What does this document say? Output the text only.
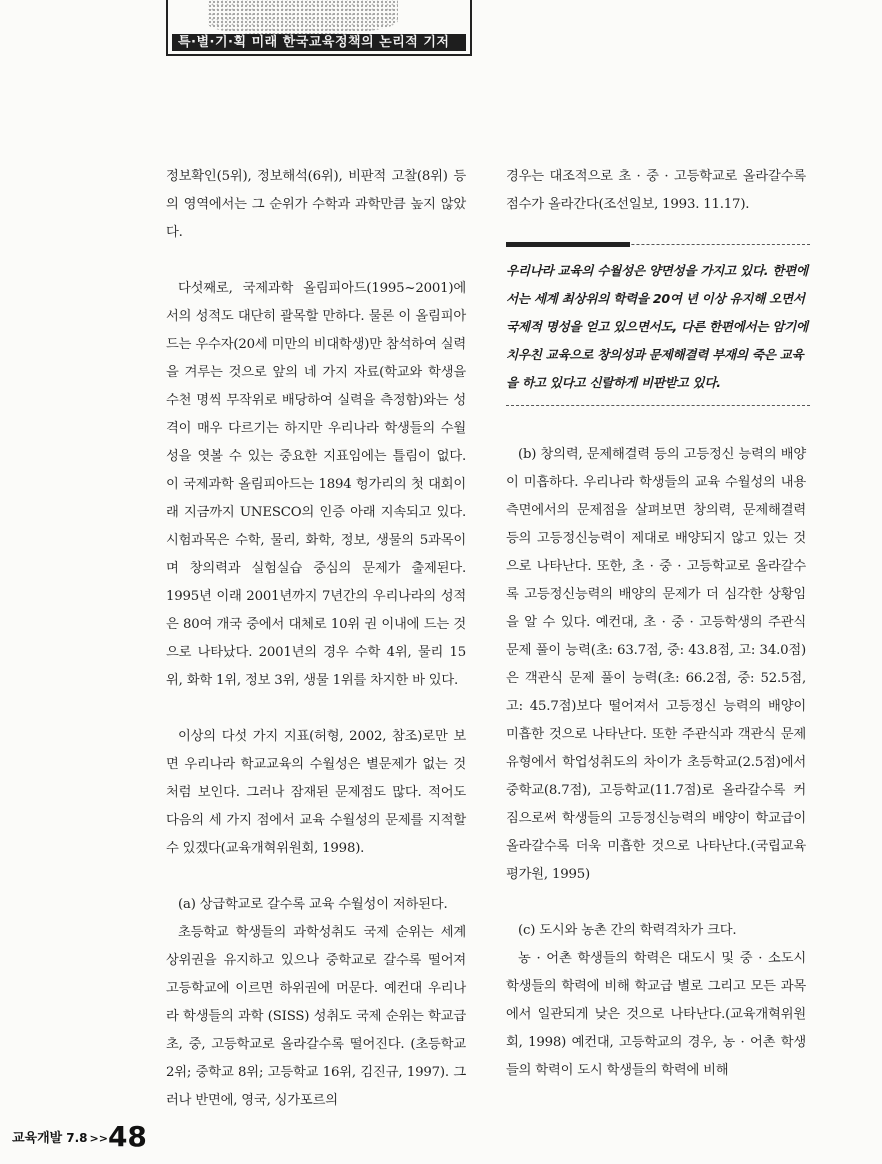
특·별·기·획 미래 한국교육정책의 논리적 기저

정보확인(5위), 정보해석(6위), 비판적 고찰(8위) 등의 영역에서는 그 순위가 수학과 과학만큼 높지 않았다.

다섯째로, 국제과학 올림피아드(1995~2001)에서의 성적도 대단히 괄목할 만하다. 물론 이 올림피아드는 우수자(20세 미만의 비대학생)만 참석하여 실력을 겨루는 것으로 앞의 네 가지 자료(학교와 학생을 수천 명씩 무작위로 배당하여 실력을 측정함)와는 성격이 매우 다르기는 하지만 우리나라 학생들의 수월성을 엿볼 수 있는 중요한 지표임에는 틀림이 없다. 이 국제과학 올림피아드는 1894 헝가리의 첫 대회이래 지금까지 UNESCO의 인증 아래 지속되고 있다. 시험과목은 수학, 물리, 화학, 정보, 생물의 5과목이며 창의력과 실험실습 중심의 문제가 출제된다. 1995년 이래 2001년까지 7년간의 우리나라의 성적은 80여 개국 중에서 대체로 10위 권 이내에 드는 것으로 나타났다. 2001년의 경우 수학 4위, 물리 15위, 화학 1위, 정보 3위, 생물 1위를 차지한 바 있다.

이상의 다섯 가지 지표(허형, 2002, 참조)로만 보면 우리나라 학교교육의 수월성은 별문제가 없는 것처럼 보인다. 그러나 잠재된 문제점도 많다. 적어도 다음의 세 가지 점에서 교육 수월성의 문제를 지적할 수 있겠다(교육개혁위원회, 1998).

(a) 상급학교로 갈수록 교육 수월성이 저하된다.

초등학교 학생들의 과학성취도 국제 순위는 세계 상위권을 유지하고 있으나 중학교로 갈수록 떨어져 고등학교에 이르면 하위권에 머문다. 예컨대 우리나라 학생들의 과학 (SISS) 성취도 국제 순위는 학교급 초, 중, 고등학교로 올라갈수록 떨어진다. (초등학교 2위; 중학교 8위; 고등학교 16위, 김진규, 1997). 그러나 반면에, 영국, 싱가포르의

경우는 대조적으로 초 · 중 · 고등학교로 올라갈수록 점수가 올라간다(조선일보, 1993. 11.17).

우리나라 교육의 수월성은 양면성을 가지고 있다. 한편에서는 세계 최상위의 학력을 20여 년 이상 유지해 오면서 국제적 명성을 얻고 있으면서도, 다른 한편에서는 암기에 치우친 교육으로 창의성과 문제해결력 부재의 죽은 교육을 하고 있다고 신랄하게 비판받고 있다.

(b) 창의력, 문제해결력 등의 고등정신 능력의 배양이 미흡하다. 우리나라 학생들의 교육 수월성의 내용 측면에서의 문제점을 살펴보면 창의력, 문제해결력 등의 고등정신능력이 제대로 배양되지 않고 있는 것으로 나타난다. 또한, 초 · 중 · 고등학교로 올라갈수록 고등정신능력의 배양의 문제가 더 심각한 상황임을 알 수 있다. 예컨대, 초 · 중 · 고등학생의 주관식 문제 풀이 능력(초: 63.7점, 중: 43.8점, 고: 34.0점)은 객관식 문제 풀이 능력(초: 66.2점, 중: 52.5점, 고: 45.7점)보다 떨어져서 고등정신 능력의 배양이 미흡한 것으로 나타난다. 또한 주관식과 객관식 문제 유형에서 학업성취도의 차이가 초등학교(2.5점)에서 중학교(8.7점), 고등학교(11.7점)로 올라갈수록 커짐으로써 학생들의 고등정신능력의 배양이 학교급이 올라갈수록 더욱 미흡한 것으로 나타난다.(국립교육평가원, 1995)

(c) 도시와 농촌 간의 학력격차가 크다.

농 · 어촌 학생들의 학력은 대도시 및 중 · 소도시 학생들의 학력에 비해 학교급 별로 그리고 모든 과목에서 일관되게 낮은 것으로 나타난다.(교육개혁위원회, 1998) 예컨대, 고등학교의 경우, 농 · 어촌 학생들의 학력이 도시 학생들의 학력에 비해

교육개발 7.8 >>48
